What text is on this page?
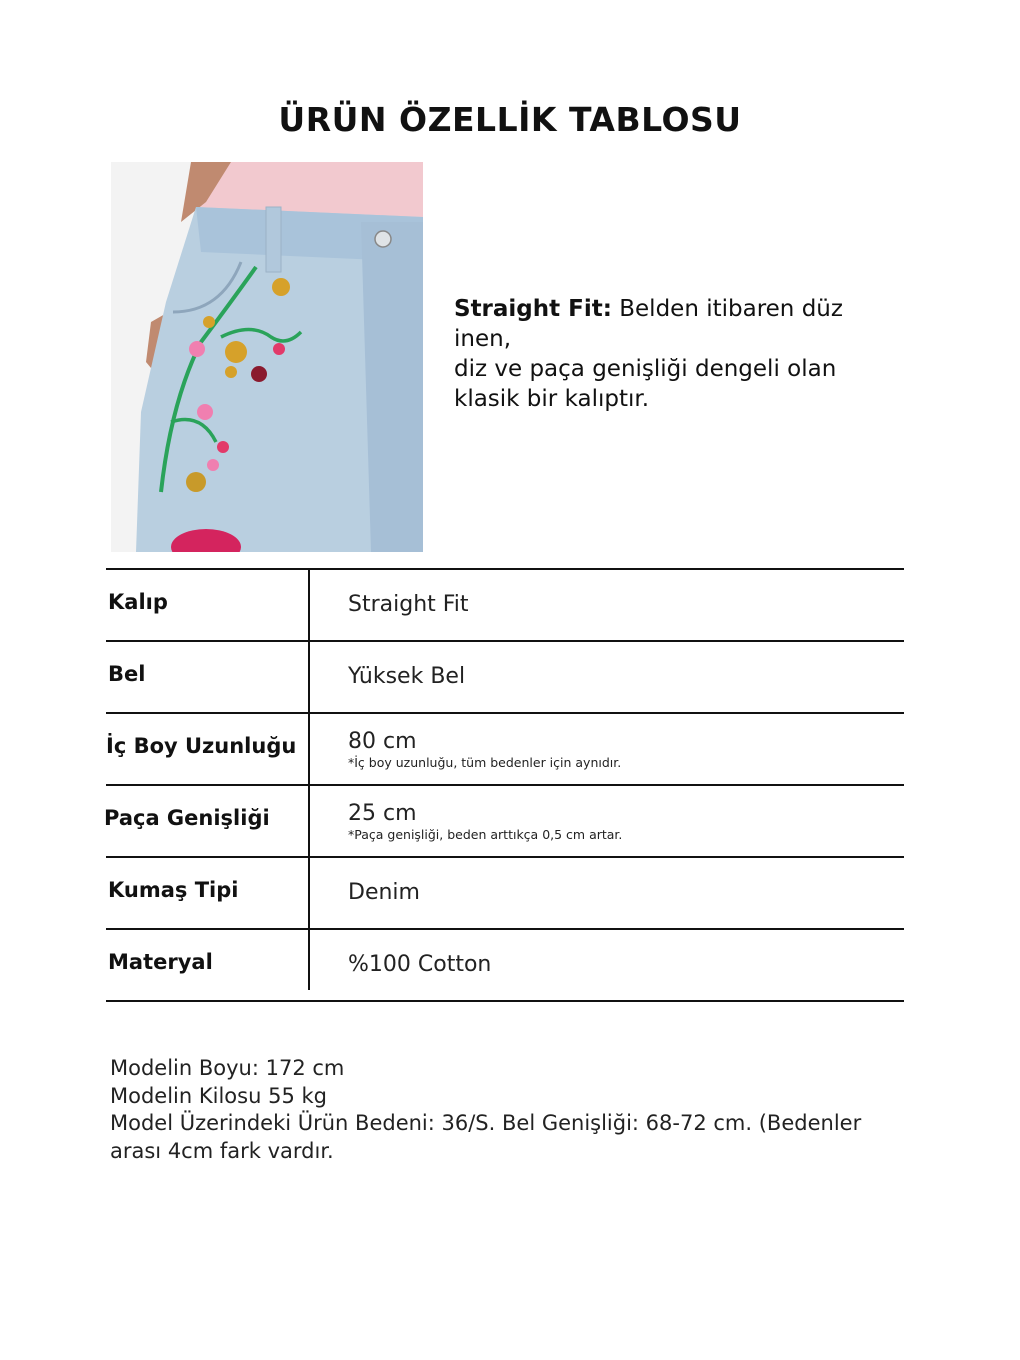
ÜRÜN ÖZELLİK TABLOSU
Straight Fit: Belden itibaren düz inen,
diz ve paça genişliği dengeli olan
klasik bir kalıptır.
Kalıp	Straight Fit
Bel	Yüksek Bel
İç Boy Uzunluğu 80 cm
*İç boy uzunluğu, tüm bedenler için aynıdır.
Paça Genişliği	25 cm
*Paça genişliği, beden arttıkça 0,5 cm artar.
Kumaş Tipi	Denim
Materyal	%100 Cotton
Modelin Boyu: 172 cm
Modelin Kilosu 55 kg
Model Üzerindeki Ürün Bedeni: 36/S. Bel Genişliği: 68-72 cm. (Bedenler
arası 4cm fark vardır.
